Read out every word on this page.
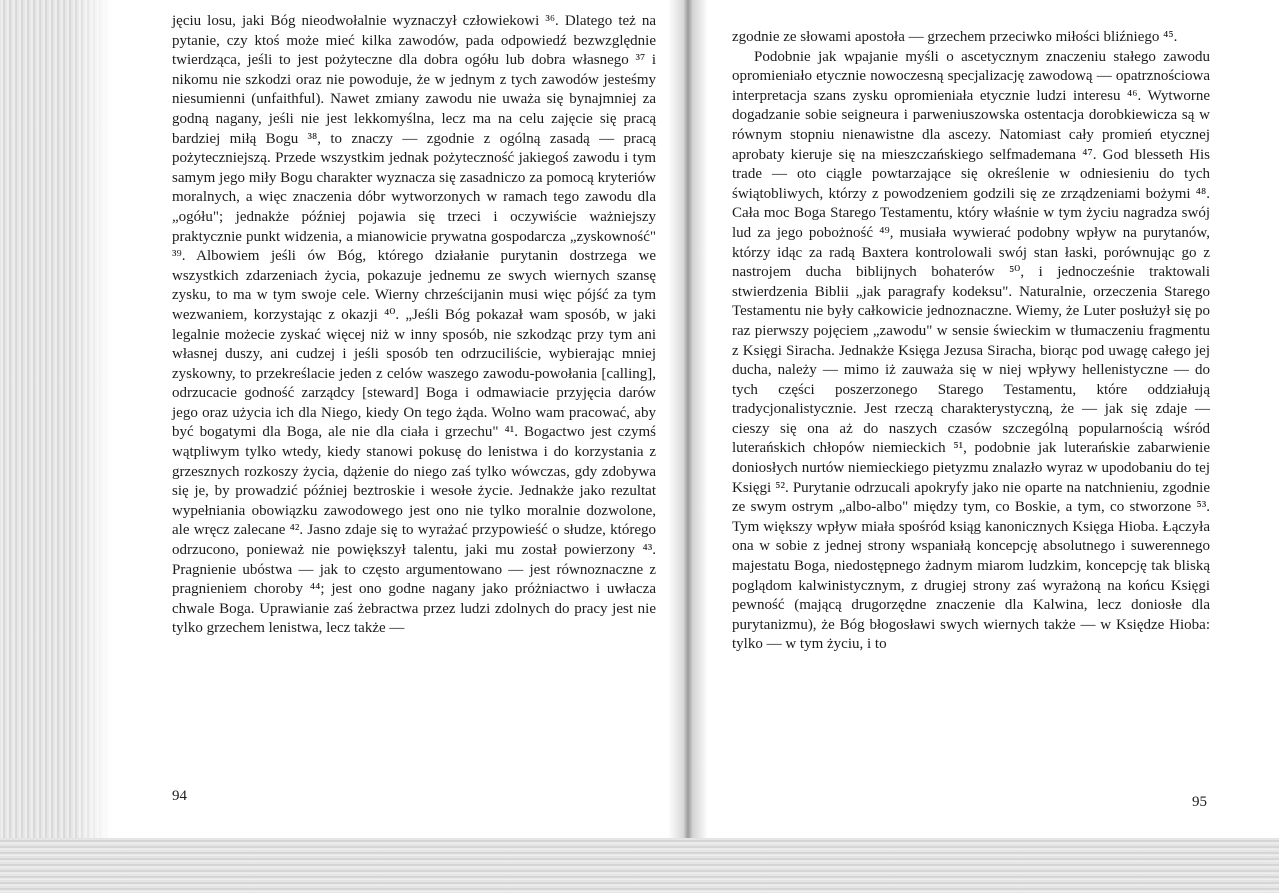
jęciu losu, jaki Bóg nieodwołalnie wyznaczył człowiekowi ³⁶. Dlatego też na pytanie, czy ktoś może mieć kilka zawodów, pada odpowiedź bezwzględnie twierdząca, jeśli to jest pożyteczne dla dobra ogółu lub dobra własnego ³⁷ i nikomu nie szkodzi oraz nie powoduje, że w jednym z tych zawodów jesteśmy niesumienni (unfaithful). Nawet zmiany zawodu nie uważa się bynajmniej za godną nagany, jeśli nie jest lekkomyślna, lecz ma na celu zajęcie się pracą bardziej miłą Bogu ³⁸, to znaczy — zgodnie z ogólną zasadą — pracą pożyteczniejszą. Przede wszystkim jednak pożyteczność jakiegoś zawodu i tym samym jego miły Bogu charakter wyznacza się zasadniczo za pomocą kryteriów moralnych, a więc znaczenia dóbr wytworzonych w ramach tego zawodu dla „ogółu"; jednakże później pojawia się trzeci i oczywiście ważniejszy praktycznie punkt widzenia, a mianowicie prywatna gospodarcza „zyskowność" ³⁹. Albowiem jeśli ów Bóg, którego działanie purytanin dostrzega we wszystkich zdarzeniach życia, pokazuje jednemu ze swych wiernych szansę zysku, to ma w tym swoje cele. Wierny chrześcijanin musi więc pójść za tym wezwaniem, korzystając z okazji ⁴⁰. „Jeśli Bóg pokazał wam sposób, w jaki legalnie możecie zyskać więcej niż w inny sposób, nie szkodząc przy tym ani własnej duszy, ani cudzej i jeśli sposób ten odrzuciliście, wybierając mniej zyskowny, to przekreślacie jeden z celów waszego zawodu-powołania [calling], odrzucacie godność zarządcy [steward] Boga i odmawiacie przyjęcia darów jego oraz użycia ich dla Niego, kiedy On tego żąda. Wolno wam pracować, aby być bogatymi dla Boga, ale nie dla ciała i grzechu" ⁴¹. Bogactwo jest czymś wątpliwym tylko wtedy, kiedy stanowi pokusę do lenistwa i do korzystania z grzesznych rozkoszy życia, dążenie do niego zaś tylko wówczas, gdy zdobywa się je, by prowadzić później beztroskie i wesołe życie. Jednakże jako rezultat wypełniania obowiązku zawodowego jest ono nie tylko moralnie dozwolone, ale wręcz zalecane ⁴². Jasno zdaje się to wyrażać przypowieść o słudze, którego odrzucono, ponieważ nie powiększył talentu, jaki mu został powierzony ⁴³. Pragnienie ubóstwa — jak to często argumentowano — jest równoznaczne z pragnieniem choroby ⁴⁴; jest ono godne nagany jako próżniactwo i uwłacza chwale Boga. Uprawianie zaś żebractwa przez ludzi zdolnych do pracy jest nie tylko grzechem lenistwa, lecz także —

94

zgodnie ze słowami apostoła — grzechem przeciwko miłości bliźniego ⁴⁵.

Podobnie jak wpajanie myśli o ascetycznym znaczeniu stałego zawodu opromieniało etycznie nowoczesną specjalizację zawodową — opatrznościowa interpretacja szans zysku opromieniała etycznie ludzi interesu ⁴⁶. Wytworne dogadzanie sobie seigneura i parweniuszowska ostentacja dorobkiewicza są w równym stopniu nienawistne dla ascezy. Natomiast cały promień etycznej aprobaty kieruje się na mieszczańskiego selfmademana ⁴⁷. God blesseth His trade — oto ciągle powtarzające się określenie w odniesieniu do tych świątobliwych, którzy z powodzeniem godzili się ze zrządzeniami bożymi ⁴⁸. Cała moc Boga Starego Testamentu, który właśnie w tym życiu nagradza swój lud za jego pobożność ⁴⁹, musiała wywierać podobny wpływ na purytanów, którzy idąc za radą Baxtera kontrolowali swój stan łaski, porównując go z nastrojem ducha biblijnych bohaterów ⁵⁰, i jednocześnie traktowali stwierdzenia Biblii „jak paragrafy kodeksu". Naturalnie, orzeczenia Starego Testamentu nie były całkowicie jednoznaczne. Wiemy, że Luter posłużył się po raz pierwszy pojęciem „zawodu" w sensie świeckim w tłumaczeniu fragmentu z Księgi Siracha. Jednakże Księga Jezusa Siracha, biorąc pod uwagę całego jej ducha, należy — mimo iż zauważa się w niej wpływy hellenistyczne — do tych części poszerzonego Starego Testamentu, które oddziałują tradycjonalistycznie. Jest rzeczą charakterystyczną, że — jak się zdaje — cieszy się ona aż do naszych czasów szczególną popularnością wśród luterańskich chłopów niemieckich ⁵¹, podobnie jak luterańskie zabarwienie doniosłych nurtów niemieckiego pietyzmu znalazło wyraz w upodobaniu do tej Księgi ⁵². Purytanie odrzucali apokryfy jako nie oparte na natchnieniu, zgodnie ze swym ostrym „albo-albo" między tym, co Boskie, a tym, co stworzone ⁵³. Tym większy wpływ miała spośród ksiąg kanonicznych Księga Hioba. Łączyła ona w sobie z jednej strony wspaniałą koncepcję absolutnego i suwerennego majestatu Boga, niedostępnego żadnym miarom ludzkim, koncepcję tak bliską poglądom kalwinistycznym, z drugiej strony zaś wyrażoną na końcu Księgi pewność (mającą drugorzędne znaczenie dla Kalwina, lecz doniosłe dla purytanizmu), że Bóg błogosławi swych wiernych także — w Księdze Hioba: tylko — w tym życiu, i to

95
